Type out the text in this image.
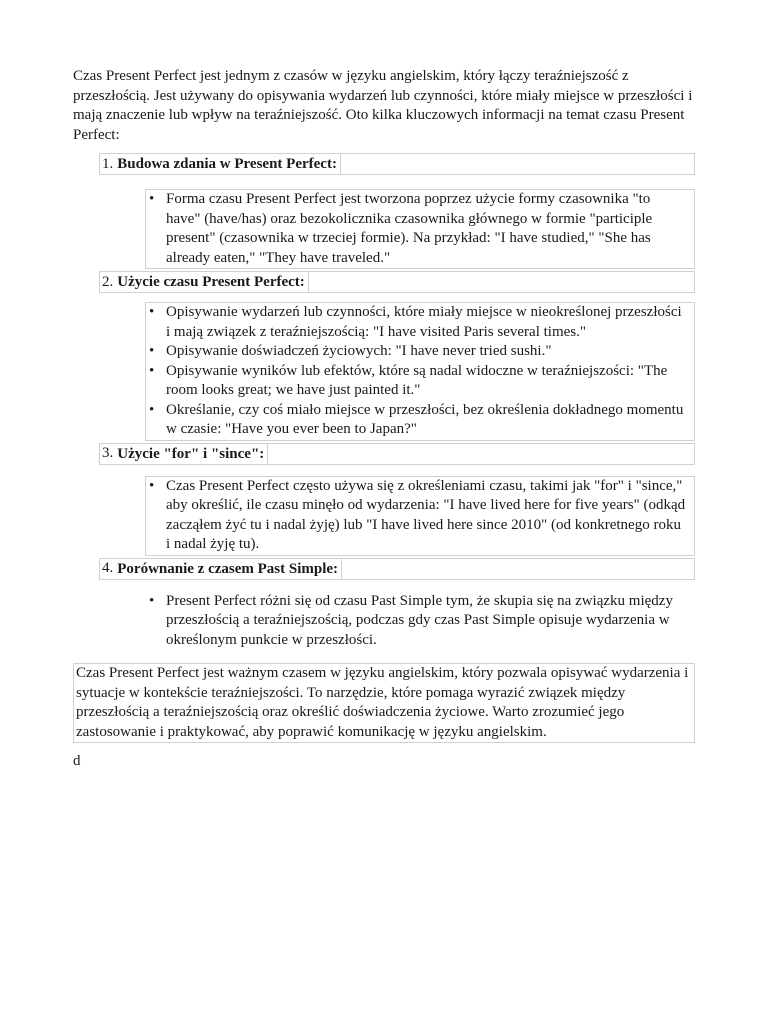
Czas Present Perfect jest jednym z czasów w języku angielskim, który łączy teraźniejszość z przeszłością. Jest używany do opisywania wydarzeń lub czynności, które miały miejsce w przeszłości i mają znaczenie lub wpływ na teraźniejszość. Oto kilka kluczowych informacji na temat czasu Present Perfect:

1. Budowa zdania w Present Perfect:
• Forma czasu Present Perfect jest tworzona poprzez użycie formy czasownika "to have" (have/has) oraz bezokolicznika czasownika głównego w formie "participle present" (czasownika w trzeciej formie). Na przykład: "I have studied," "She has already eaten," "They have traveled."
2. Użycie czasu Present Perfect:
• Opisywanie wydarzeń lub czynności, które miały miejsce w nieokreślonej przeszłości i mają związek z teraźniejszością: "I have visited Paris several times."
• Opisywanie doświadczeń życiowych: "I have never tried sushi."
• Opisywanie wyników lub efektów, które są nadal widoczne w teraźniejszości: "The room looks great; we have just painted it."
• Określanie, czy coś miało miejsce w przeszłości, bez określenia dokładnego momentu w czasie: "Have you ever been to Japan?"
3. Użycie "for" i "since":
• Czas Present Perfect często używa się z określeniami czasu, takimi jak "for" i "since," aby określić, ile czasu minęło od wydarzenia: "I have lived here for five years" (odkąd zacząłem żyć tu i nadal żyję) lub "I have lived here since 2010" (od konkretnego roku i nadal żyję tu).
4. Porównanie z czasem Past Simple:
• Present Perfect różni się od czasu Past Simple tym, że skupia się na związku między przeszłością a teraźniejszością, podczas gdy czas Past Simple opisuje wydarzenia w określonym punkcie w przeszłości.

Czas Present Perfect jest ważnym czasem w języku angielskim, który pozwala opisywać wydarzenia i sytuacje w kontekście teraźniejszości. To narzędzie, które pomaga wyrazić związek między przeszłością a teraźniejszością oraz określić doświadczenia życiowe. Warto zrozumieć jego zastosowanie i praktykować, aby poprawić komunikację w języku angielskim.

d
